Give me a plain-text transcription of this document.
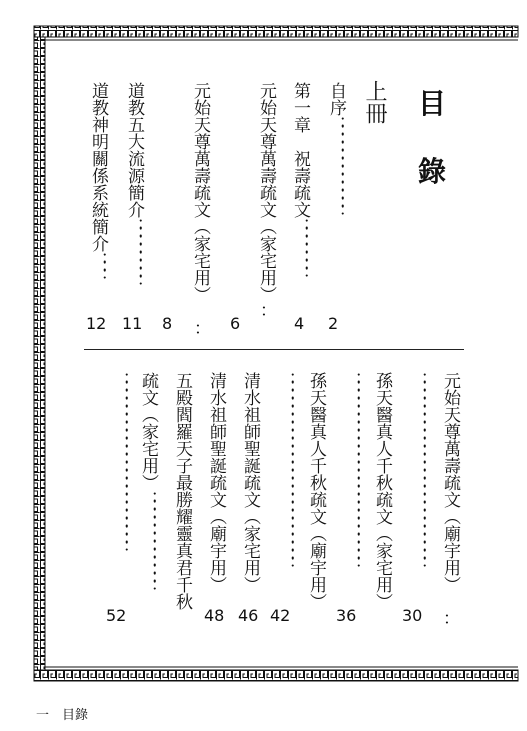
目
錄
上冊
自序：：：：：：：：：：：：
2
第一章　祝壽疏文：：：：：：：
4
元始天尊萬壽疏文（家宅用）
：
6
元始天尊萬壽疏文（家宅用）
：
8
道教五大流源簡介：：：：：：：：
11
道教神明關係系統簡介：：：
12
元始天尊萬壽疏文（廟宇用）
：
孫天醫真人千秋疏文（家宅用）
30
：：：：：：：：：：：：：：：：：：：：：：：：
孫天醫真人千秋疏文（廟宇用）
36
：：：：：：：：：：：：：：：：：：：：：：：：
清水祖師聖誕疏文（家宅用）
42
：：：：：：：：：：：：：：：：：：：：：：：：
清水祖師聖誕疏文（廟宇用）
46
五殿閻羅天子最勝耀靈真君千秋
48
疏文（家宅用）：：：：：：：：：：：：
52
：：：：：：：：：：：：：：：：：：：：：：
一　目錄
